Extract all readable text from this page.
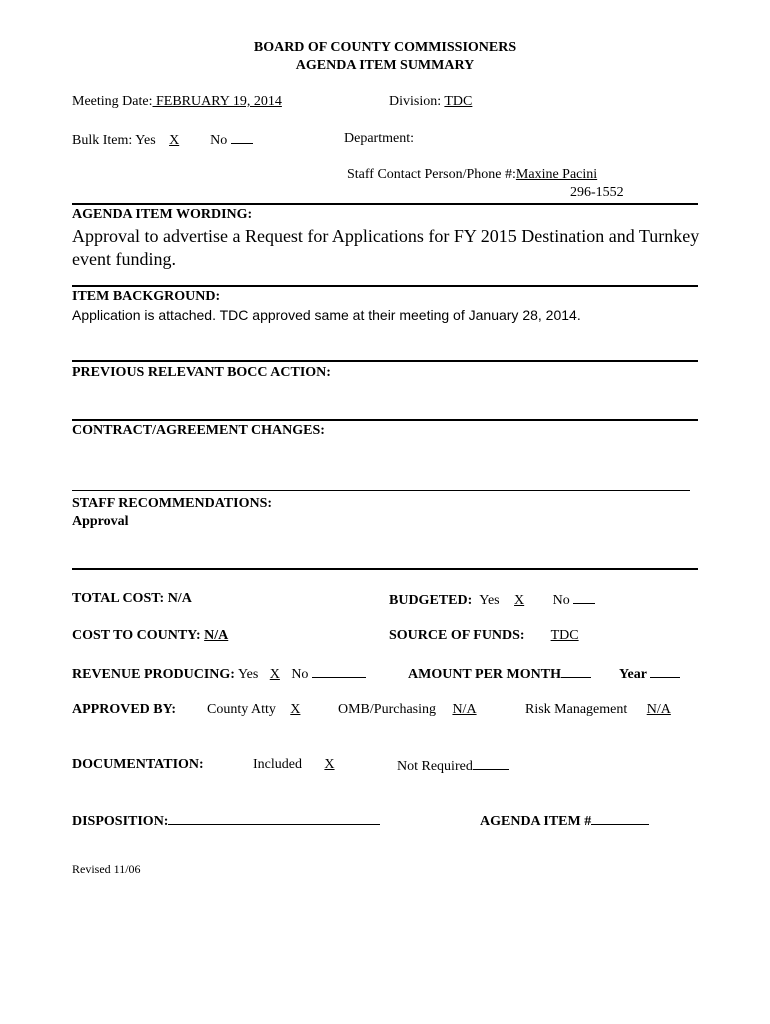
BOARD OF COUNTY COMMISSIONERS
AGENDA ITEM SUMMARY
Meeting Date: FEBRUARY 19, 2014	Division: TDC
Bulk Item: Yes X      No	Department:
Staff Contact Person/Phone #:Maxine Pacini
296-1552
AGENDA ITEM WORDING:
Approval to advertise a Request for Applications for FY 2015 Destination and Turnkey event funding.
ITEM BACKGROUND:
Application is attached. TDC approved same at their meeting of January 28, 2014.
PREVIOUS RELEVANT BOCC ACTION:
CONTRACT/AGREEMENT CHANGES:
STAFF RECOMMENDATIONS:
Approval
TOTAL COST: N/A	BUDGETED: Yes X     No
COST TO COUNTY: N/A	SOURCE OF FUNDS: TDC
REVENUE PRODUCING: Yes X No	AMOUNT PER MONTH	Year
APPROVED BY: County Atty X	OMB/Purchasing N/A	Risk Management N/A
DOCUMENTATION:	Included X	Not Required
DISPOSITION:	AGENDA ITEM #
Revised 11/06
